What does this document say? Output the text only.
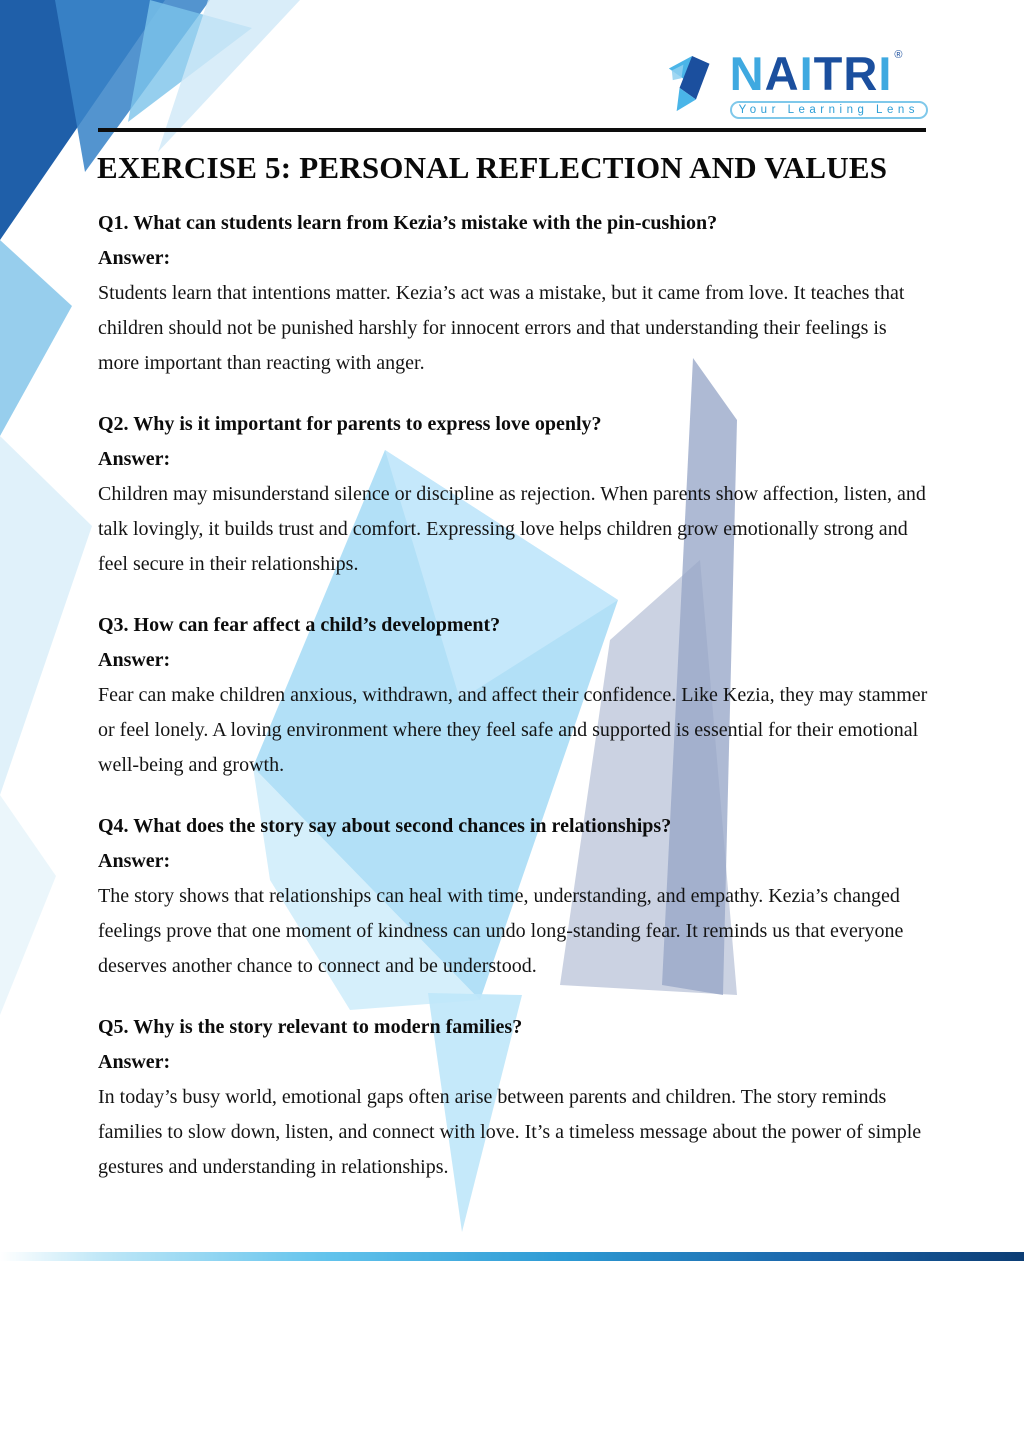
N A I T R I ®
Your Learning Lens
EXERCISE 5: PERSONAL REFLECTION AND VALUES

Q1. What can students learn from Kezia’s mistake with the pin-cushion?

Answer:

Students learn that intentions matter. Kezia’s act was a mistake, but it came from love. It teaches that children should not be punished harshly for innocent errors and that understanding their feelings is more important than reacting with anger.

Q2. Why is it important for parents to express love openly?

Answer:

Children may misunderstand silence or discipline as rejection. When parents show affection, listen, and talk lovingly, it builds trust and comfort. Expressing love helps children grow emotionally strong and feel secure in their relationships.

Q3. How can fear affect a child’s development?

Answer:

Fear can make children anxious, withdrawn, and affect their confidence. Like Kezia, they may stammer or feel lonely. A loving environment where they feel safe and supported is essential for their emotional well-being and growth.

Q4. What does the story say about second chances in relationships?

Answer:

The story shows that relationships can heal with time, understanding, and empathy. Kezia’s changed feelings prove that one moment of kindness can undo long-standing fear. It reminds us that everyone deserves another chance to connect and be understood.

Q5. Why is the story relevant to modern families?

Answer:

In today’s busy world, emotional gaps often arise between parents and children. The story reminds families to slow down, listen, and connect with love. It’s a timeless message about the power of simple gestures and understanding in relationships.
